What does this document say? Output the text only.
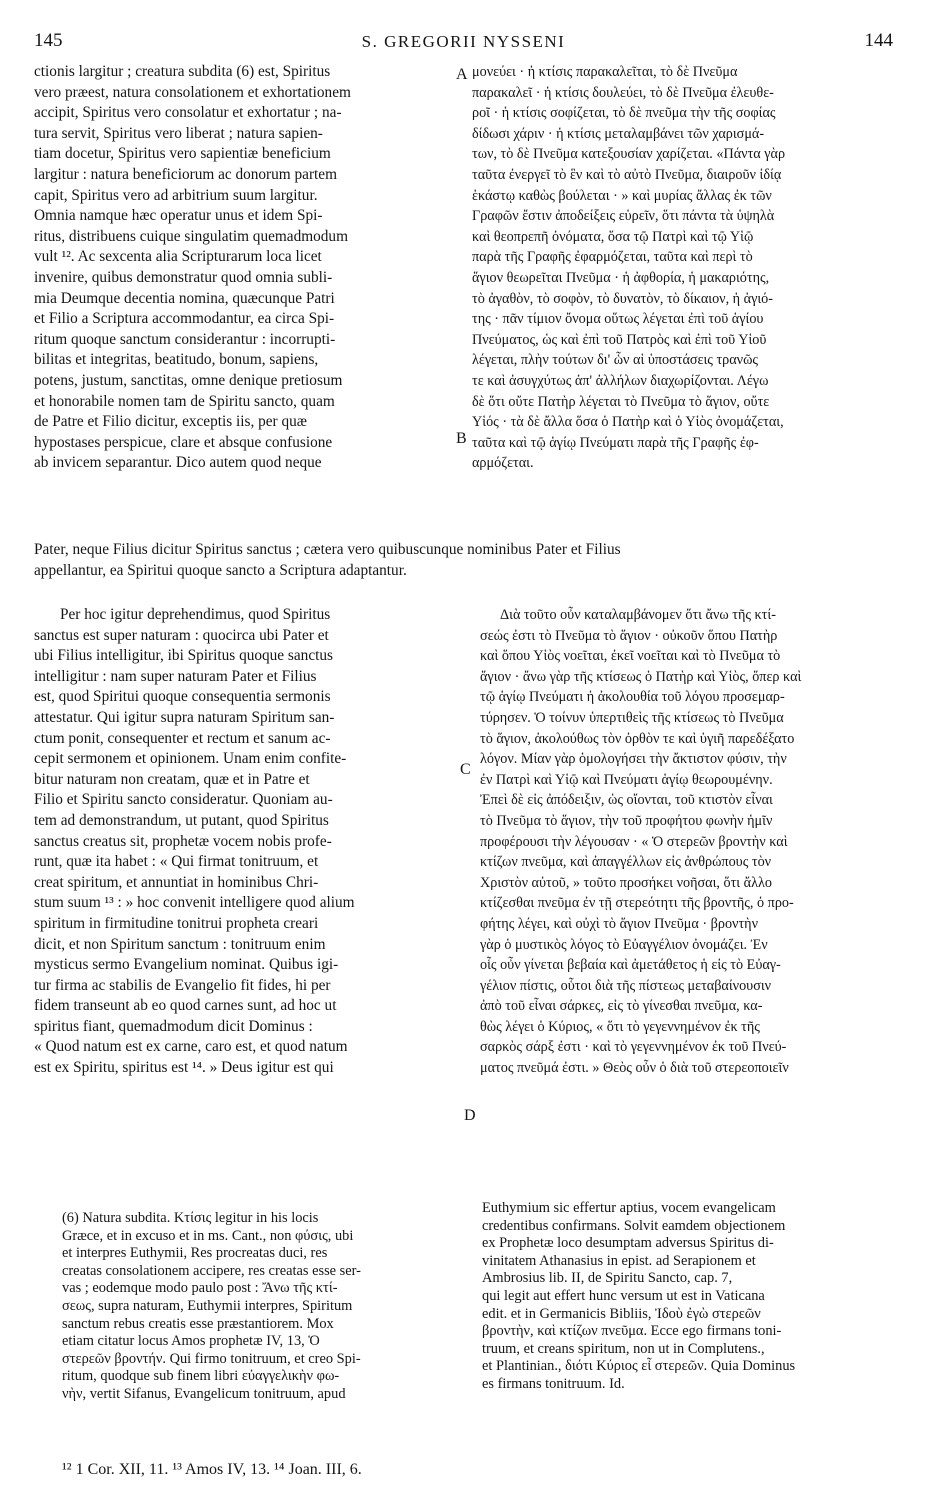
145	S. GREGORII NYSSENI	144
ctionis largitur ; creatura subdita (6) est, Spiritus
vero præest, natura consolationem et exhortationem
accipit, Spiritus vero consolatur et exhortatur ; na-
tura servit, Spiritus vero liberat ; natura sapien-
tiam docetur, Spiritus vero sapientiæ beneficium
largitur : natura beneficiorum ac donorum partem
capit, Spiritus vero ad arbitrium suum largitur.
Omnia namque hæc operatur unus et idem Spi-
ritus, distribuens cuique singulatim quemadmodum
vult ¹². Ac sexcenta alia Scripturarum loca licet
invenire, quibus demonstratur quod omnia subli-
mia Deumque decentia nomina, quæcunque Patri
et Filio a Scriptura accommodantur, ea circa Spi-
ritum quoque sanctum considerantur : incorrupti-
bilitas et integritas, beatitudo, bonum, sapiens,
potens, justum, sanctitas, omne denique pretiosum
et honorabile nomen tam de Spiritu sancto, quam
de Patre et Filio dicitur, exceptis iis, per quæ
hypostases perspicue, clare et absque confusione
ab invicem separantur. Dico autem quod neque
μονεύει · ἡ κτίσις παρακαλεῖται, τὸ δὲ Πνεῦμα
παρακαλεῖ · ἡ κτίσις δουλεύει, τὸ δὲ Πνεῦμα ἐλευθε-
ροῖ · ἡ κτίσις σοφίζεται, τὸ δὲ πνεῦμα τὴν τῆς σοφίας
δίδωσι χάριν · ἡ κτίσις μεταλαμβάνει τῶν χαρισμά-
των, τὸ δὲ Πνεῦμα κατεξουσίαν χαρίζεται. «Πάντα γὰρ
ταῦτα ἐνεργεῖ τὸ ἓν καὶ τὸ αὐτὸ Πνεῦμα, διαιροῦν ἰδίᾳ
ἑκάστῳ καθὼς βούλεται · » καὶ μυρίας ἄλλας ἐκ τῶν
Γραφῶν ἔστιν ἀποδείξεις εὑρεῖν, ὅτι πάντα τὰ ὑψηλὰ
καὶ θεοπρεπῆ ὀνόματα, ὅσα τῷ Πατρὶ καὶ τῷ Υἱῷ
παρὰ τῆς Γραφῆς ἐφαρμόζεται, ταῦτα καὶ περὶ τὸ
ἅγιον θεωρεῖται Πνεῦμα · ἡ ἀφθορία, ἡ μακαριότης,
τὸ ἀγαθὸν, τὸ σοφὸν, τὸ δυνατὸν, τὸ δίκαιον, ἡ ἁγιό-
της · πᾶν τίμιον ὄνομα οὕτως λέγεται ἐπὶ τοῦ ἁγίου
Πνεύματος, ὡς καὶ ἐπὶ τοῦ Πατρὸς καὶ ἐπὶ τοῦ Υἱοῦ
λέγεται, πλὴν τούτων δι' ὧν αἱ ὑποστάσεις τρανῶς
τε καὶ ἀσυγχύτως ἀπ' ἀλλήλων διαχωρίζονται. Λέγω
δὲ ὅτι οὔτε Πατὴρ λέγεται τὸ Πνεῦμα τὸ ἅγιον, οὔτε
Υἱός · τὰ δὲ ἄλλα ὅσα ὁ Πατὴρ καὶ ὁ Υἱὸς ὀνομάζεται,
ταῦτα καὶ τῷ ἁγίῳ Πνεύματι παρὰ τῆς Γραφῆς ἐφ-
αρμόζεται.
A
B
Pater, neque Filius dicitur Spiritus sanctus ; cætera vero quibuscunque nominibus Pater et Filius
appellantur, ea Spiritui quoque sancto a Scriptura adaptantur.
Per hoc igitur deprehendimus, quod Spiritus
sanctus est super naturam : quocirca ubi Pater et
ubi Filius intelligitur, ibi Spiritus quoque sanctus
intelligitur : nam super naturam Pater et Filius
est, quod Spiritui quoque consequentia sermonis
attestatur. Qui igitur supra naturam Spiritum san-
ctum ponit, consequenter et rectum et sanum ac-
cepit sermonem et opinionem. Unam enim confite-
bitur naturam non creatam, quæ et in Patre et
Filio et Spiritu sancto consideratur. Quoniam au-
tem ad demonstrandum, ut putant, quod Spiritus
sanctus creatus sit, prophetæ vocem nobis profe-
runt, quæ ita habet : « Qui firmat tonitruum, et
creat spiritum, et annuntiat in hominibus Chri-
stum suum ¹³ : » hoc convenit intelligere quod alium
spiritum in firmitudine tonitrui propheta creari
dicit, et non Spiritum sanctum : tonitruum enim
mysticus sermo Evangelium nominat. Quibus igi-
tur firma ac stabilis de Evangelio fit fides, hi per
fidem transeunt ab eo quod carnes sunt, ad hoc ut
spiritus fiant, quemadmodum dicit Dominus :
« Quod natum est ex carne, caro est, et quod natum
est ex Spiritu, spiritus est ¹⁴. » Deus igitur est qui
Διὰ τοῦτο οὖν καταλαμβάνομεν ὅτι ἄνω τῆς κτί-
σεώς ἐστι τὸ Πνεῦμα τὸ ἅγιον · οὐκοῦν ὅπου Πατὴρ
καὶ ὅπου Υἱὸς νοεῖται, ἐκεῖ νοεῖται καὶ τὸ Πνεῦμα τὸ
ἅγιον · ἄνω γὰρ τῆς κτίσεως ὁ Πατὴρ καὶ Υἱὸς, ὅπερ καὶ
τῷ ἁγίῳ Πνεύματι ἡ ἀκολουθία τοῦ λόγου προσεμαρ-
τύρησεν. Ὁ τοίνυν ὑπερτιθεὶς τῆς κτίσεως τὸ Πνεῦμα
τὸ ἅγιον, ἀκολούθως τὸν ὀρθὸν τε καὶ ὑγιῆ παρεδέξατο
λόγον. Μίαν γὰρ ὁμολογήσει τὴν ἄκτιστον φύσιν, τὴν
ἐν Πατρὶ καὶ Υἱῷ καὶ Πνεύματι ἁγίῳ θεωρουμένην.
Ἐπεὶ δὲ εἰς ἀπόδειξιν, ὡς οἴονται, τοῦ κτιστὸν εἶναι
τὸ Πνεῦμα τὸ ἅγιον, τὴν τοῦ προφήτου φωνὴν ἡμῖν
προφέρουσι τὴν λέγουσαν · « Ὁ στερεῶν βροντὴν καὶ
κτίζων πνεῦμα, καὶ ἀπαγγέλλων εἰς ἀνθρώπους τὸν
Χριστὸν αὐτοῦ, » τοῦτο προσήκει νοῆσαι, ὅτι ἄλλο
κτίζεσθαι πνεῦμα ἐν τῇ στερεότητι τῆς βροντῆς, ὁ προ-
φήτης λέγει, καὶ οὐχὶ τὸ ἅγιον Πνεῦμα · βροντὴν
γὰρ ὁ μυστικὸς λόγος τὸ Εὐαγγέλιον ὀνομάζει. Ἐν
οἷς οὖν γίνεται βεβαία καὶ ἀμετάθετος ἡ εἰς τὸ Εὐαγ-
γέλιον πίστις, οὗτοι διὰ τῆς πίστεως μεταβαίνουσιν
ἀπὸ τοῦ εἶναι σάρκες, εἰς τὸ γίνεσθαι πνεῦμα, κα-
θὼς λέγει ὁ Κύριος, « ὅτι τὸ γεγεννημένον ἐκ τῆς
σαρκὸς σάρξ ἐστι · καὶ τὸ γεγεννημένον ἐκ τοῦ Πνεύ-
ματος πνεῦμά ἐστι. » Θεὸς οὖν ὁ διὰ τοῦ στερεοποιεῖν
C
D
(6) Natura subdita. Κτίσις legitur in his locis
Græce, et in excuso et in ms. Cant., non φύσις, ubi
et interpres Euthymii, Res procreatas duci, res
creatas consolationem accipere, res creatas esse ser-
vas ; eodemque modo paulo post : Ἄνω τῆς κτί-
σεως, supra naturam, Euthymii interpres, Spiritum
sanctum rebus creatis esse præstantiorem. Mox
etiam citatur locus Amos prophetæ IV, 13, Ὁ
στερεῶν βροντήν. Qui firmo tonitruum, et creo Spi-
ritum, quodque sub finem libri εὐαγγελικὴν φω-
νὴν, vertit Sifanus, Evangelicum tonitruum, apud
Euthymium sic effertur aptius, vocem evangelicam
credentibus confirmans. Solvit eamdem objectionem
ex Prophetæ loco desumptam adversus Spiritus di-
vinitatem Athanasius in epist. ad Serapionem et
Ambrosius lib. II, de Spiritu Sancto, cap. 7,
qui legit aut effert hunc versum ut est in Vaticana
edit. et in Germanicis Bibliis, Ἰδοὺ ἐγὼ στερεῶν
βροντὴν, καὶ κτίζων πνεῦμα. Ecce ego firmans toni-
truum, et creans spiritum, non ut in Complutens.,
et Plantinian., διότι Κύριος εἶ στερεῶν. Quia Dominus
es firmans tonitruum. Id.
¹² 1 Cor. XII, 11. ¹³ Amos IV, 13. ¹⁴ Joan. III, 6.
